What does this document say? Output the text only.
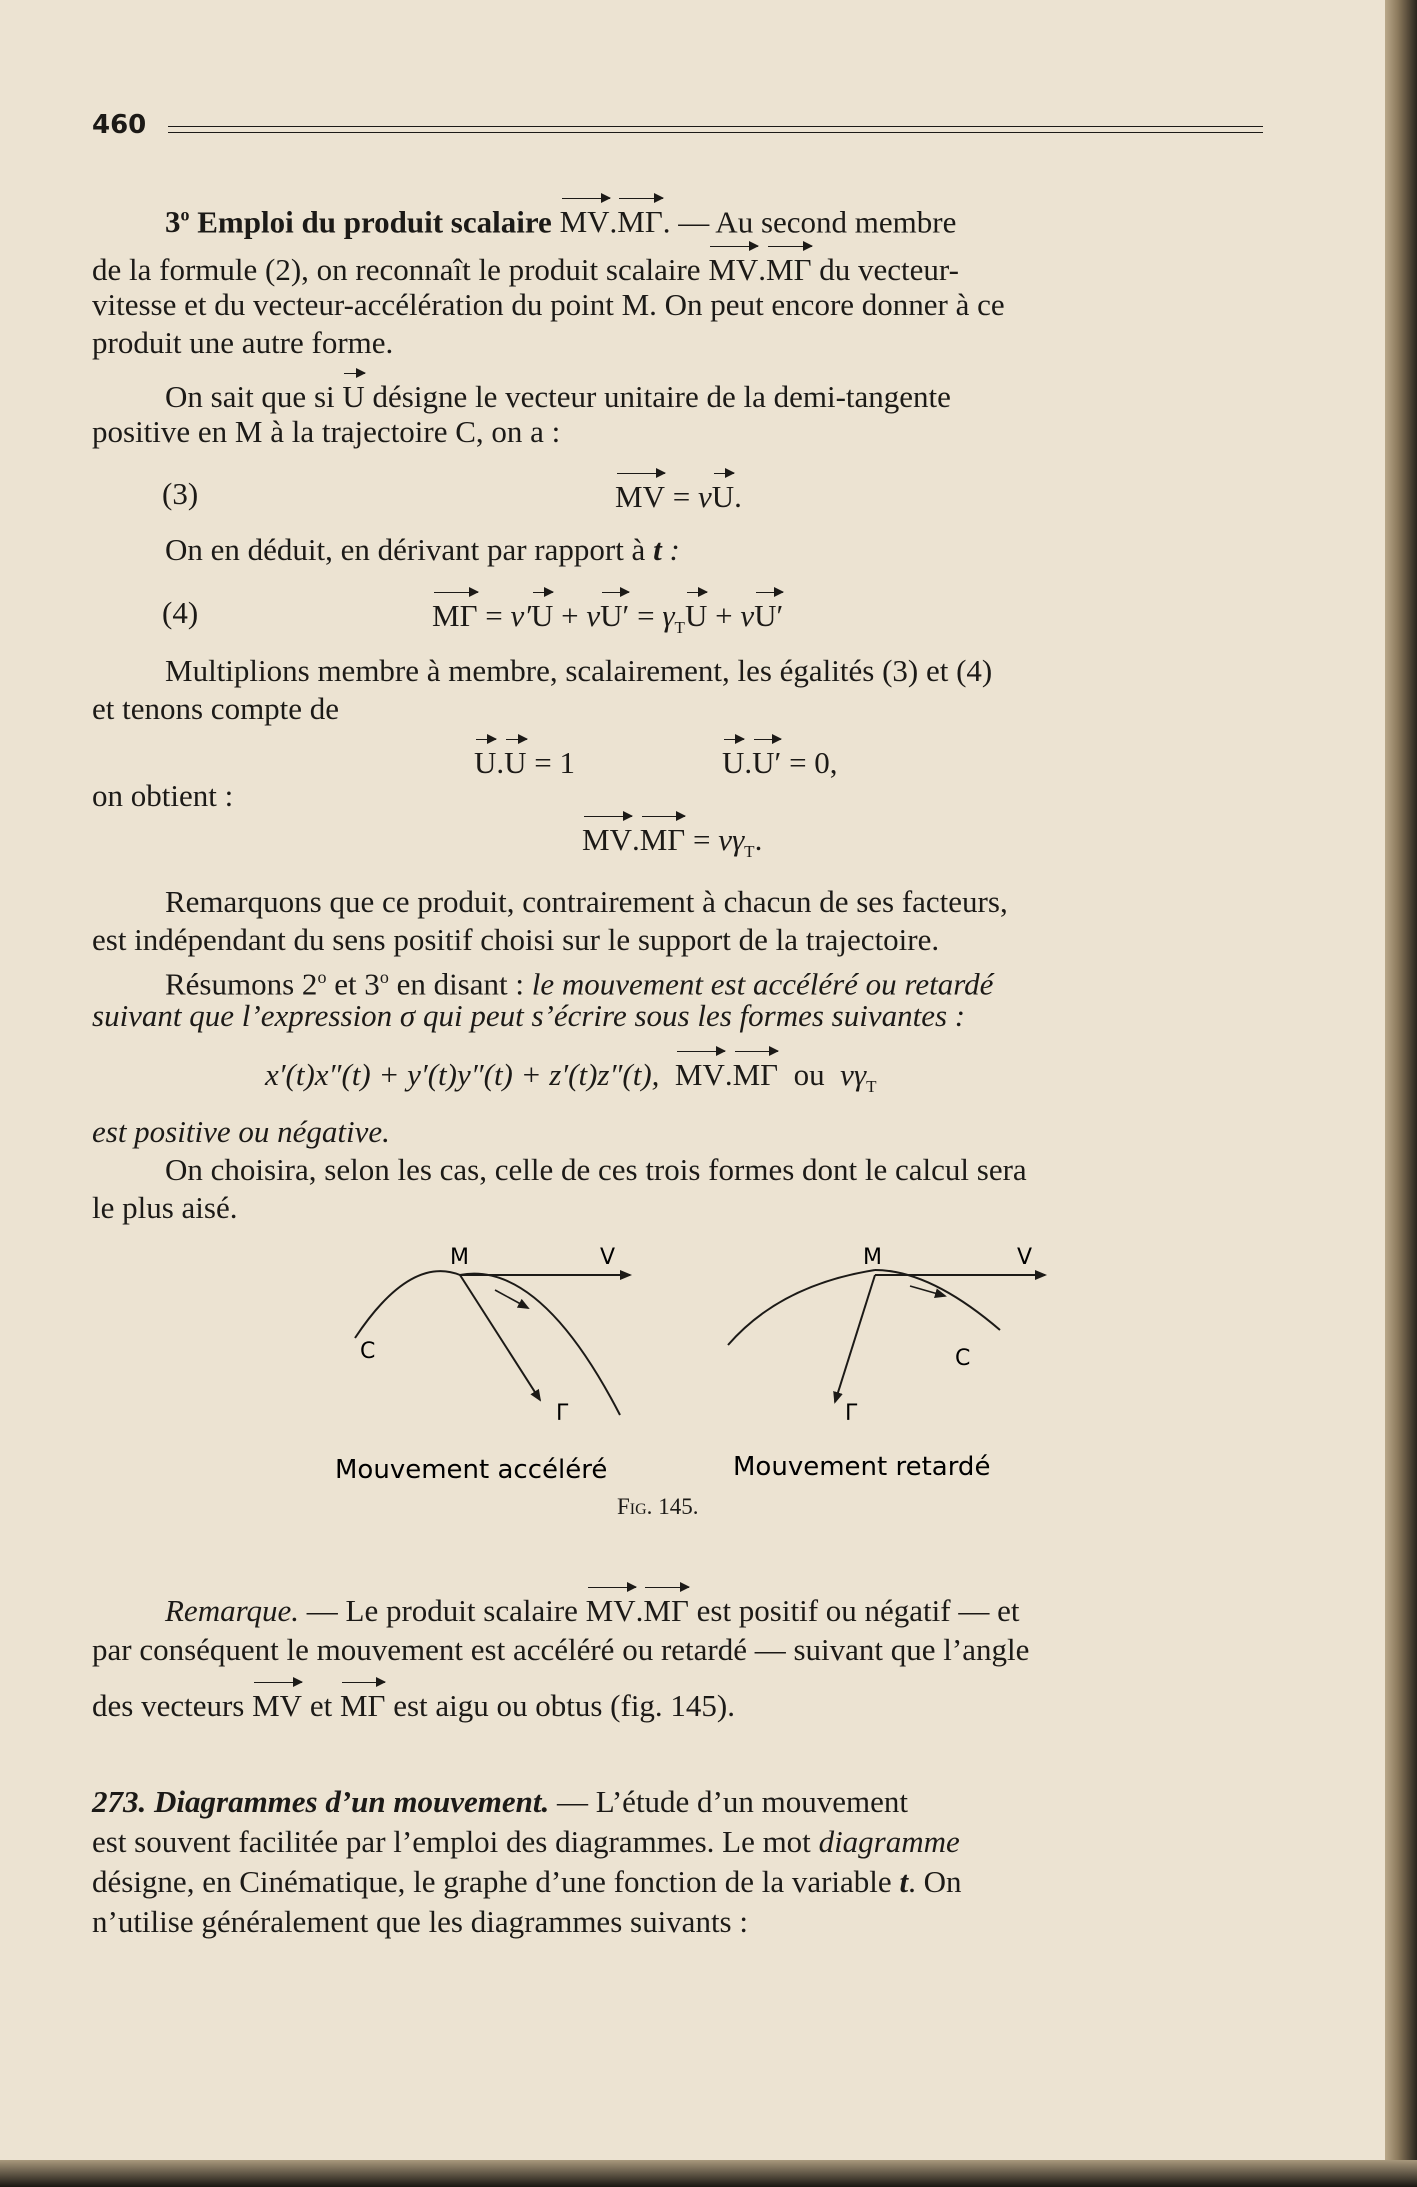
460
3$^o$ Emploi du produit scalaire MV.MΓ. — Au second membre
de la formule (2), on reconnaît le produit scalaire MV.MΓ du vecteur-
vitesse et du vecteur-accélération du point M. On peut encore donner à ce
produit une autre forme.
On sait que si U désigne le vecteur unitaire de la demi-tangente
positive en M à la trajectoire C, on a :
(3)	MV = vU.
On en déduit, en dérivant par rapport à t :
(4)	$M\Gamma = v'U + vU' = \gamma_TU + vU'$
Multiplions membre à membre, scalairement, les égalités (3) et (4)
et tenons compte de
U.U = 1	U.U′ = 0,
on obtient :
$MV.M\Gamma = v\gamma_T$.
Remarquons que ce produit, contrairement à chacun de ses facteurs,
est indépendant du sens positif choisi sur le support de la trajectoire.
Résumons 2$^o$ et 3$^o$ en disant : le mouvement est accéléré ou retardé
suivant que l’expression σ qui peut s’écrire sous les formes suivantes :
x′(t)x″(t) + y′(t)y″(t) + z′(t)z″(t), MV.MΓ ou $v\gamma_T$
est positive ou négative.
On choisira, selon les cas, celle de ces trois formes dont le calcul sera
le plus aisé.
M	V
C
Γ
Mouvement accéléré
M	V
C
Γ
Mouvement retardé
Fig. 145.
Remarque. — Le produit scalaire MV.MΓ est positif ou négatif — et
par conséquent le mouvement est accéléré ou retardé — suivant que l’angle
des vecteurs MV et MΓ est aigu ou obtus (fig. 145).
273. Diagrammes d’un mouvement. — L’étude d’un mouvement
est souvent facilitée par l’emploi des diagrammes. Le mot diagramme
désigne, en Cinématique, le graphe d’une fonction de la variable t. On
n’utilise généralement que les diagrammes suivants :
